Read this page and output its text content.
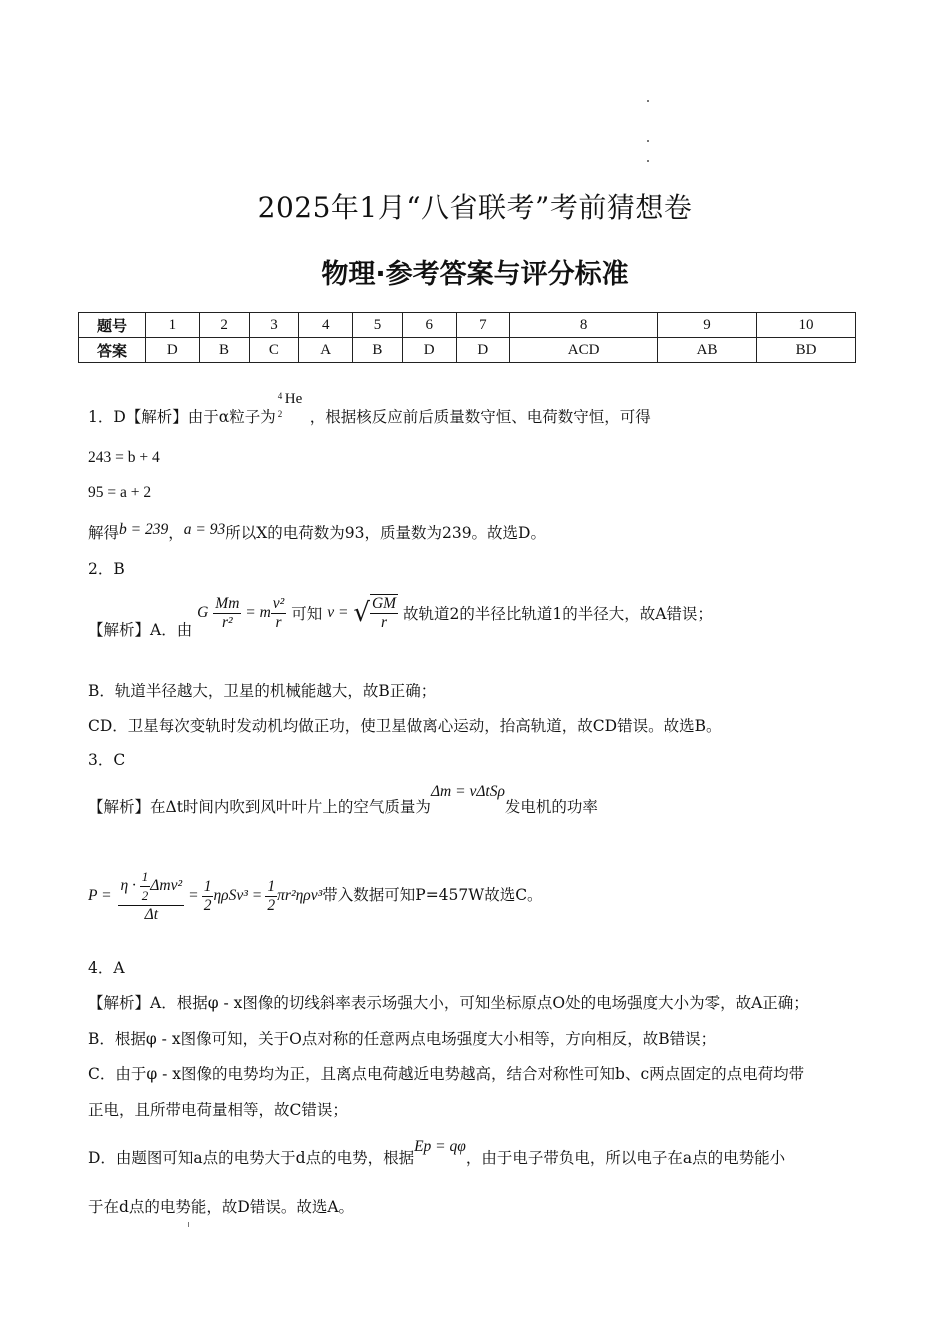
2025年1月“八省联考”考前猜想卷
物理·参考答案与评分标准
题号	1	2	3	4	5	6	7	8	9	10
答案	D	B	C	A	B	D	D	ACD	AB	BD
1．D【解析】由于α粒子为
4
2
He
，根据核反应前后质量数守恒、电荷数守恒，可得
243 = b + 4
95 = a + 2
解得b = 239，a = 93所以X的电荷数为93，质量数为239。故选D。
2．B
【解析】A．由 G $\frac{Mm}{\text{r²}} = m \frac{\text{v²}}{r}$ 可知 v = √ $\frac{GM}{r}$ 故轨道2的半径比轨道1的半径大，故A错误；
B．轨道半径越大，卫星的机械能越大，故B正确；
CD．卫星每次变轨时发动机均做正功，使卫星做离心运动，抬高轨道，故CD错误。故选B。
3．C
【解析】在Δt时间内吹到风叶叶片上的空气质量为Δm = vΔtSρ发电机的功率
$P = \frac{\eta \cdot \frac{1}{2} \Delta mv^2}{\Delta t} = \frac{1}{2} \eta\rho Sv^3 = \frac{1}{2} \pi r^2\eta\rho v^3$带入数据可知P=457W故选C。
4．A
【解析】A．根据φ - x图像的切线斜率表示场强大小，可知坐标原点O处的电场强度大小为零，故A正确；
B．根据φ - x图像可知，关于O点对称的任意两点电场强度大小相等，方向相反，故B错误；
C．由于φ - x图像的电势均为正，且离点电荷越近电势越高，结合对称性可知b、c两点固定的点电荷均带
正电，且所带电荷量相等，故C错误；
D．由题图可知a点的电势大于d点的电势，根据Ep = qφ，由于电子带负电，所以电子在a点的电势能小
于在d点的电势能，故D错误。故选A。
